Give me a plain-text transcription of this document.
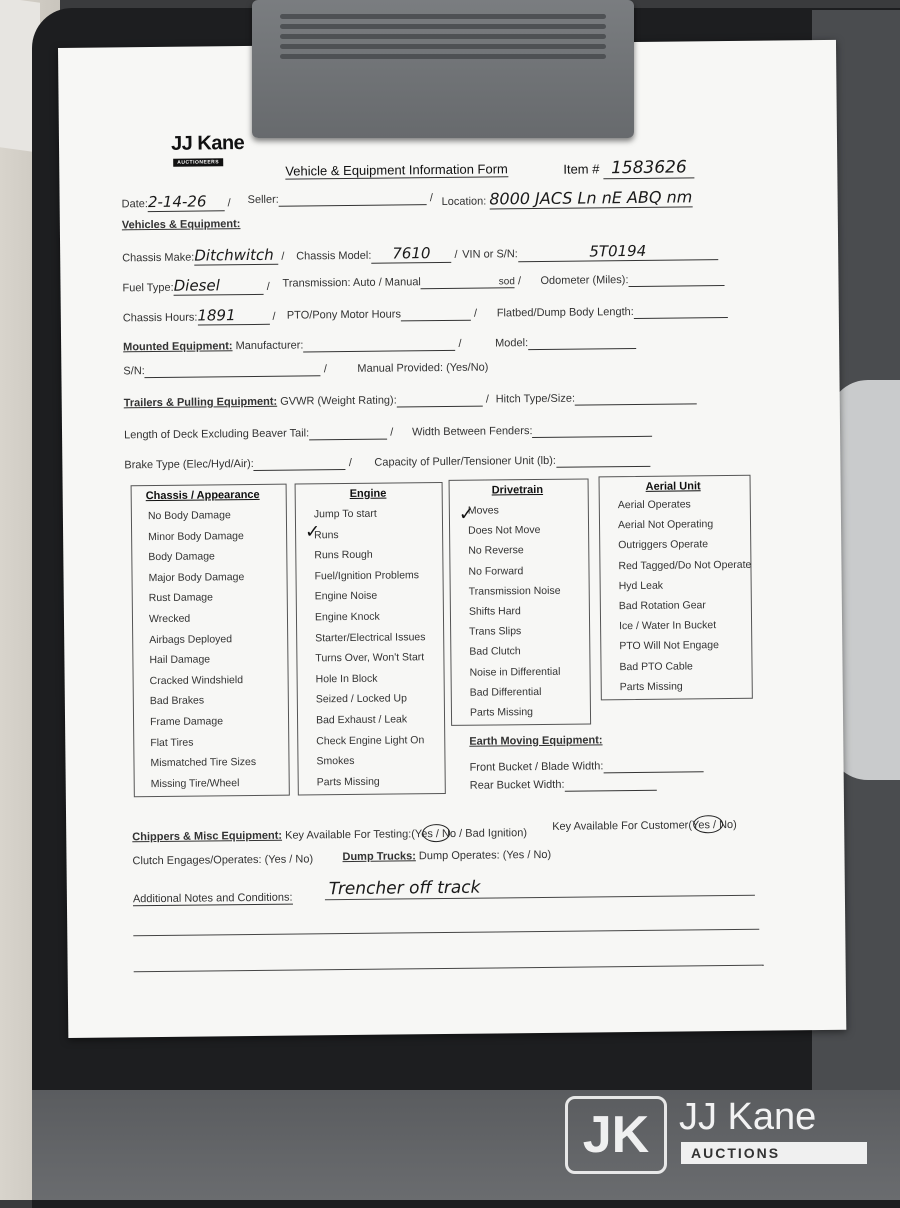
JJ Kane
AUCTIONEERS	Vehicle & Equipment Information Form	Item # 1583626
Date:2-14-26 / Seller:	/ Location: 8000 JACS Ln nE ABQ nm
Vehicles & Equipment:
Chassis Make:Ditchwitch / Chassis Model: 7610 / VIN or S/N:	5T0194
Fuel Type:Diesel	/ Transmission: Auto / Manual	sod / Odometer (Miles):
Chassis Hours:1891	/ PTO/Pony Motor Hours	/ Flatbed/Dump Body Length:
Mounted Equipment: Manufacturer:	/	Model:
S/N:	/	Manual Provided: (Yes/No)
Trailers & Pulling Equipment: GVWR (Weight Rating):	/ Hitch Type/Size:
Length of Deck Excluding Beaver Tail:	/ Width Between Fenders:
Brake Type (Elec/Hyd/Air):	/ Capacity of Puller/Tensioner Unit (lb):
Chassis / Appearance
No Body Damage
Minor Body Damage
Body Damage
Major Body Damage
Rust Damage
Wrecked
Airbags Deployed
Hail Damage
Cracked Windshield
Bad Brakes
Frame Damage
Flat Tires
Mismatched Tire Sizes
Missing Tire/Wheel
Engine
Jump To start
Runs
Runs Rough
Fuel/Ignition Problems
Engine Noise
Engine Knock
Starter/Electrical Issues
Turns Over, Won't Start
Hole In Block
Seized / Locked Up
Bad Exhaust / Leak
Check Engine Light On
Smokes
Parts Missing
Drivetrain
Moves
Does Not Move
No Reverse
No Forward
Transmission Noise
Shifts Hard
Trans Slips
Bad Clutch
Noise in Differential
Bad Differential
Parts Missing
Aerial Unit
Aerial Operates
Aerial Not Operating
Outriggers Operate
Red Tagged/Do Not Operate
Hyd Leak
Bad Rotation Gear
Ice / Water In Bucket
PTO Will Not Engage
Bad PTO Cable
Parts Missing
✓
✓
Earth Moving Equipment:
Front Bucket / Blade Width:
Rear Bucket Width:
Chippers & Misc Equipment: Key Available For Testing:(Yes / No / Bad Ignition)
Key Available For Customer(Yes / No)
Clutch Engages/Operates: (Yes / No)	Dump Trucks: Dump Operates: (Yes / No)
Additional Notes and Conditions: Trencher off track
JK JJ Kane
AUCTIONS
